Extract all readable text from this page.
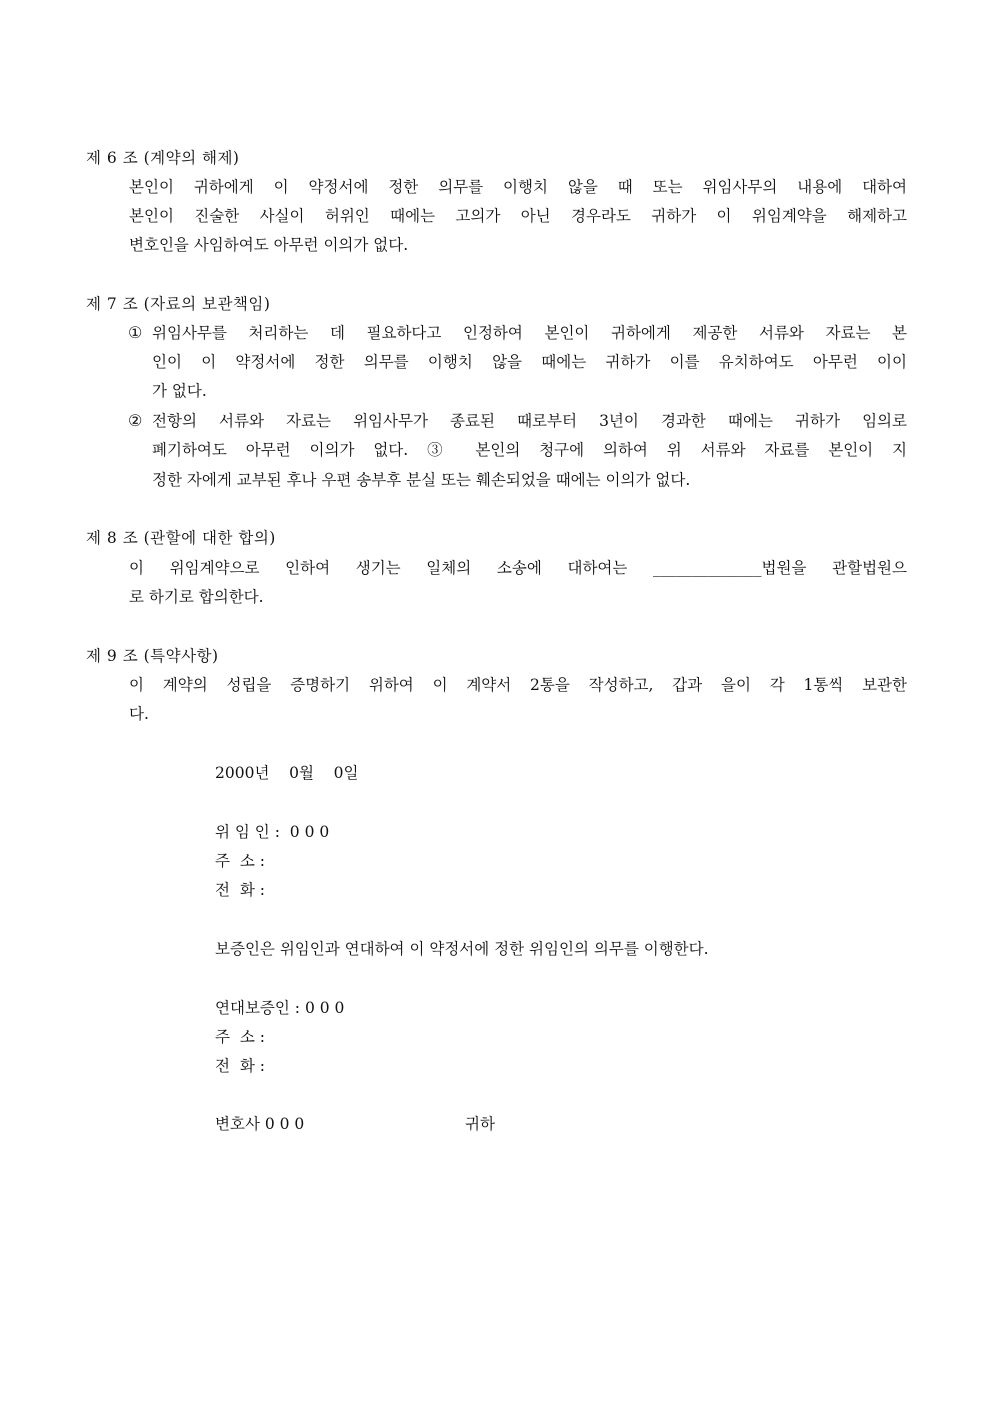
제 6 조 (계약의 해제)
본인이 귀하에게 이 약정서에 정한 의무를 이행치 않을 때 또는 위임사무의 내용에 대하여
본인이 진술한 사실이 허위인 때에는 고의가 아닌 경우라도 귀하가 이 위임계약을 해제하고
변호인을 사임하여도 아무런 이의가 없다.
제 7 조 (자료의 보관책임)
① 위임사무를 처리하는 데 필요하다고 인정하여 본인이 귀하에게 제공한 서류와 자료는 본
인이 이 약정서에 정한 의무를 이행치 않을 때에는 귀하가 이를 유치하여도 아무런 이이
가 없다.
② 전항의 서류와 자료는 위임사무가 종료된 때로부터 3년이 경과한 때에는 귀하가 임의로
폐기하여도 아무런 이의가 없다. ③ 본인의 청구에 의하여 위 서류와 자료를 본인이 지
정한 자에게 교부된 후나 우편 송부후 분실 또는 훼손되었을 때에는 이의가 없다.
제 8 조 (관할에 대한 합의)
이 위임계약으로 인하여 생기는 일체의 소송에 대하여는 ______________법원을 관할법원으
로 하기로 합의한다.
제 9 조 (특약사항)
이 계약의 성립을 증명하기 위하여 이 계약서 2통을 작성하고, 갑과 을이 각 1통씩 보관한
다.
2000년    0월    0일
위 임 인 :  0 0 0
주  소 :
전  화 :
보증인은 위임인과 연대하여 이 약정서에 정한 위임인의 의무를 이행한다.
연대보증인 : 0 0 0
주  소 :
전  화 :
변호사 0 0 0	귀하
